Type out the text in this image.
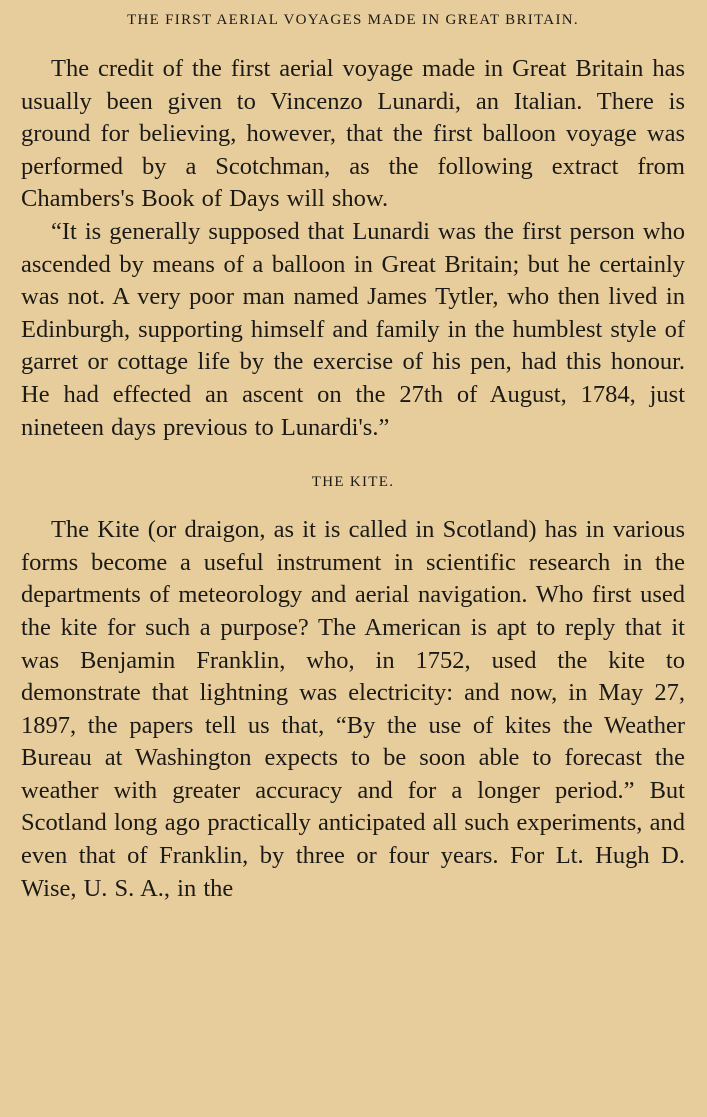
THE FIRST AERIAL VOYAGES MADE IN GREAT BRITAIN.

The credit of the first aerial voyage made in Great Britain has usually been given to Vincenzo Lunardi, an Italian. There is ground for believing, however, that the first balloon voyage was performed by a Scotchman, as the following extract from Chambers's Book of Days will show.

“It is generally supposed that Lunardi was the first person who ascended by means of a balloon in Great Britain; but he certainly was not. A very poor man named James Tytler, who then lived in Edinburgh, supporting himself and family in the humblest style of garret or cottage life by the exercise of his pen, had this honour. He had effected an ascent on the 27th of August, 1784, just nineteen days previous to Lunardi's.”

THE KITE.

The Kite (or draigon, as it is called in Scotland) has in various forms become a useful instrument in scientific research in the departments of meteorology and aerial navigation. Who first used the kite for such a purpose? The American is apt to reply that it was Benjamin Franklin, who, in 1752, used the kite to demonstrate that lightning was electricity: and now, in May 27, 1897, the papers tell us that, “By the use of kites the Weather Bureau at Washington expects to be soon able to forecast the weather with greater accuracy and for a longer period.” But Scotland long ago practically anticipated all such experiments, and even that of Franklin, by three or four years. For Lt. Hugh D. Wise, U. S. A., in the
